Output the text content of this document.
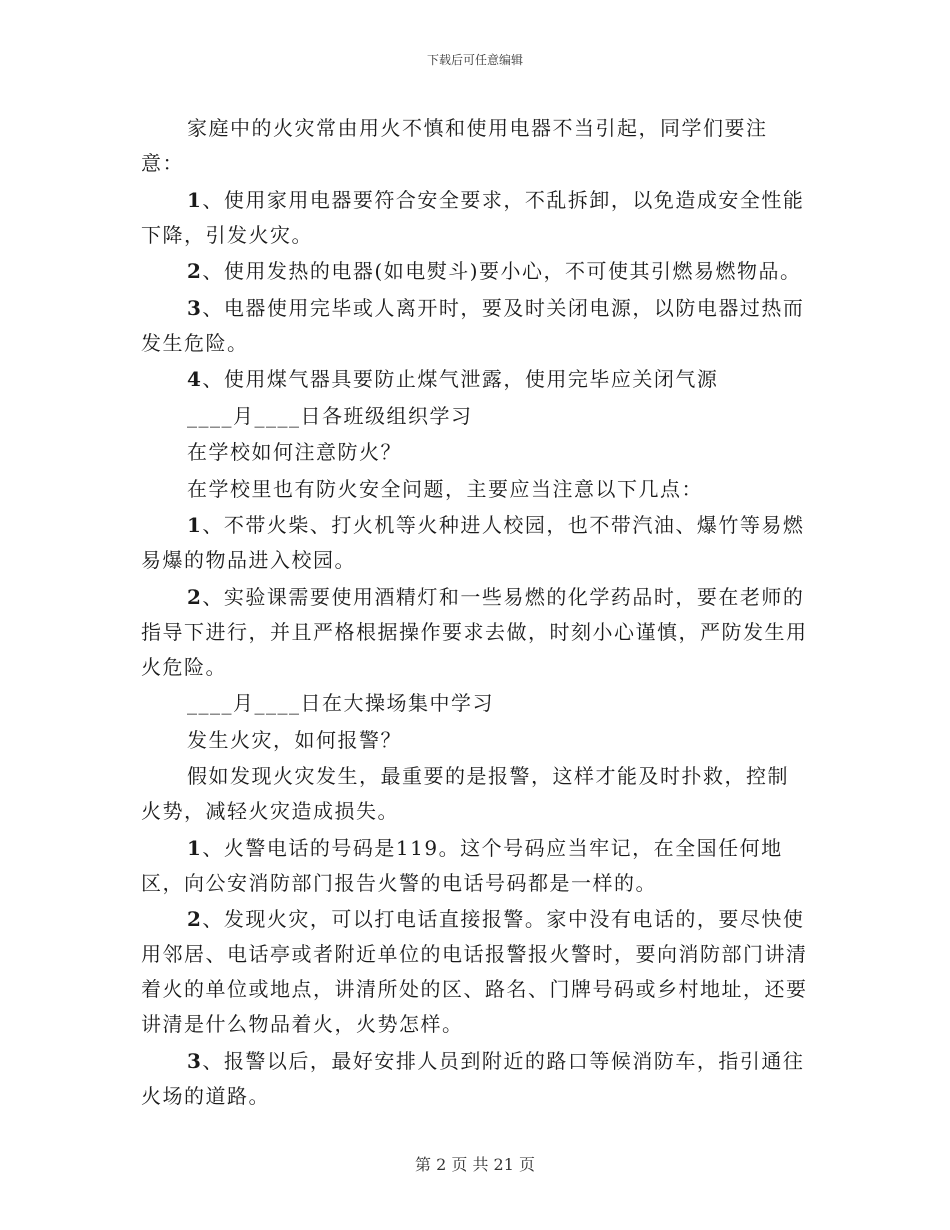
下载后可任意编辑

家庭中的火灾常由用火不慎和使用电器不当引起，同学们要注意：

1、使用家用电器要符合安全要求，不乱拆卸，以免造成安全性能下降，引发火灾。

2、使用发热的电器(如电熨斗)要小心，不可使其引燃易燃物品。

3、电器使用完毕或人离开时，要及时关闭电源，以防电器过热而发生危险。

4、使用煤气器具要防止煤气泄露，使用完毕应关闭气源

____月____日各班级组织学习

在学校如何注意防火？

在学校里也有防火安全问题，主要应当注意以下几点：

1、不带火柴、打火机等火种进人校园，也不带汽油、爆竹等易燃易爆的物品进入校园。

2、实验课需要使用酒精灯和一些易燃的化学药品时，要在老师的指导下进行，并且严格根据操作要求去做，时刻小心谨慎，严防发生用火危险。

____月____日在大操场集中学习

发生火灾，如何报警？

假如发现火灾发生，最重要的是报警，这样才能及时扑救，控制火势，减轻火灾造成损失。

1、火警电话的号码是119。这个号码应当牢记，在全国任何地区，向公安消防部门报告火警的电话号码都是一样的。

2、发现火灾，可以打电话直接报警。家中没有电话的，要尽快使用邻居、电话亭或者附近单位的电话报警报火警时，要向消防部门讲清着火的单位或地点，讲清所处的区、路名、门牌号码或乡村地址，还要讲清是什么物品着火，火势怎样。

3、报警以后，最好安排人员到附近的路口等候消防车，指引通往火场的道路。

第 2 页 共 21 页
